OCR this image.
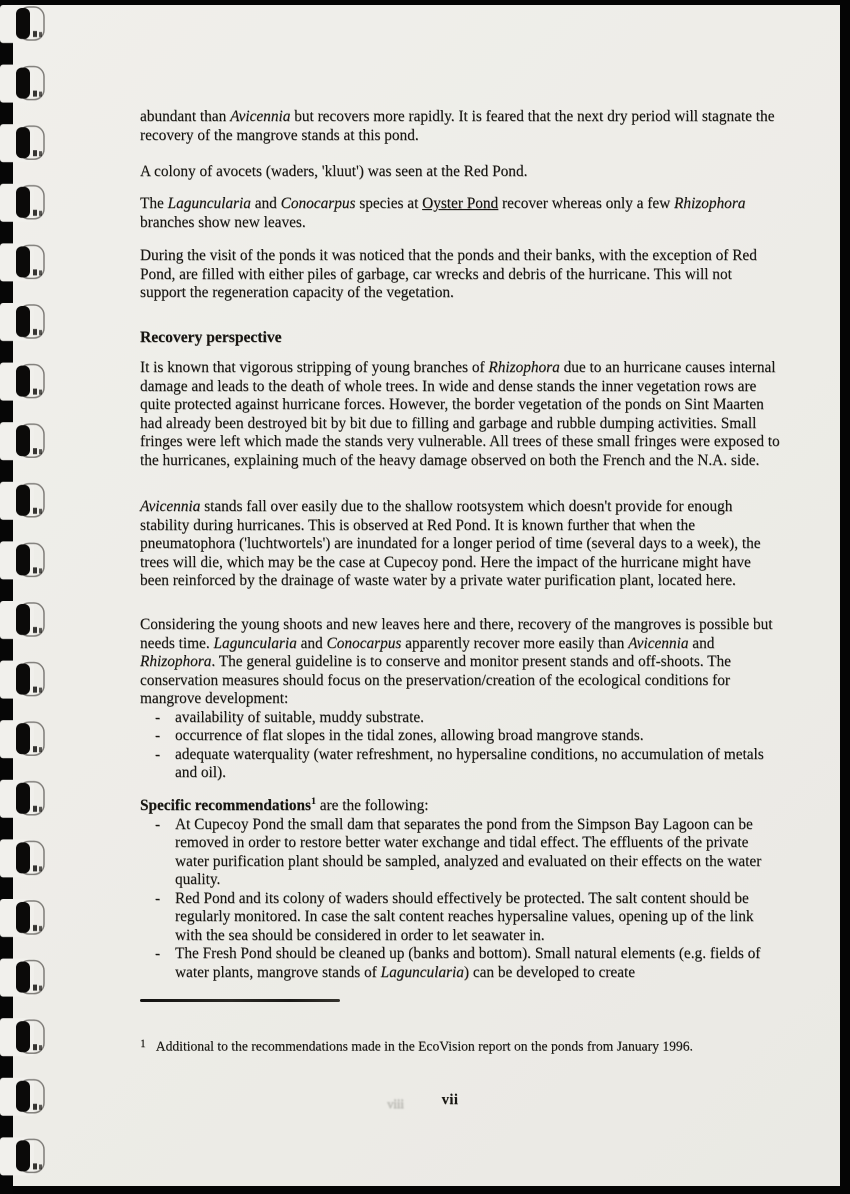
abundant than Avicennia but recovers more rapidly. It is feared that the next dry period will stagnate the recovery of the mangrove stands at this pond.

A colony of avocets (waders, 'kluut') was seen at the Red Pond.

The Laguncularia and Conocarpus species at Oyster Pond recover whereas only a few Rhizophora branches show new leaves.

During the visit of the ponds it was noticed that the ponds and their banks, with the exception of Red Pond, are filled with either piles of garbage, car wrecks and debris of the hurricane. This will not support the regeneration capacity of the vegetation.

Recovery perspective

It is known that vigorous stripping of young branches of Rhizophora due to an hurricane causes internal damage and leads to the death of whole trees. In wide and dense stands the inner vegetation rows are quite protected against hurricane forces. However, the border vegetation of the ponds on Sint Maarten had already been destroyed bit by bit due to filling and garbage and rubble dumping activities. Small fringes were left which made the stands very vulnerable. All trees of these small fringes were exposed to the hurricanes, explaining much of the heavy damage observed on both the French and the N.A. side.

Avicennia stands fall over easily due to the shallow rootsystem which doesn't provide for enough stability during hurricanes. This is observed at Red Pond. It is known further that when the pneumatophora ('luchtwortels') are inundated for a longer period of time (several days to a week), the trees will die, which may be the case at Cupecoy pond. Here the impact of the hurricane might have been reinforced by the drainage of waste water by a private water purification plant, located here.

Considering the young shoots and new leaves here and there, recovery of the mangroves is possible but needs time. Laguncularia and Conocarpus apparently recover more easily than Avicennia and Rhizophora. The general guideline is to conserve and monitor present stands and off-shoots. The conservation measures should focus on the preservation/creation of the ecological conditions for mangrove development:

- availability of suitable, muddy substrate.
- occurrence of flat slopes in the tidal zones, allowing broad mangrove stands.
- adequate waterquality (water refreshment, no hypersaline conditions, no accumulation of metals and oil).

Specific recommendations$^1$ are the following:

- At Cupecoy Pond the small dam that separates the pond from the Simpson Bay Lagoon can be removed in order to restore better water exchange and tidal effect. The effluents of the private water purification plant should be sampled, analyzed and evaluated on their effects on the water quality.
- Red Pond and its colony of waders should effectively be protected. The salt content should be regularly monitored. In case the salt content reaches hypersaline values, opening up of the link with the sea should be considered in order to let seawater in.
- The Fresh Pond should be cleaned up (banks and bottom). Small natural elements (e.g. fields of water plants, mangrove stands of Laguncularia) can be developed to create
$^1$ Additional to the recommendations made in the EcoVision report on the ponds from January 1996.
viii	vii
